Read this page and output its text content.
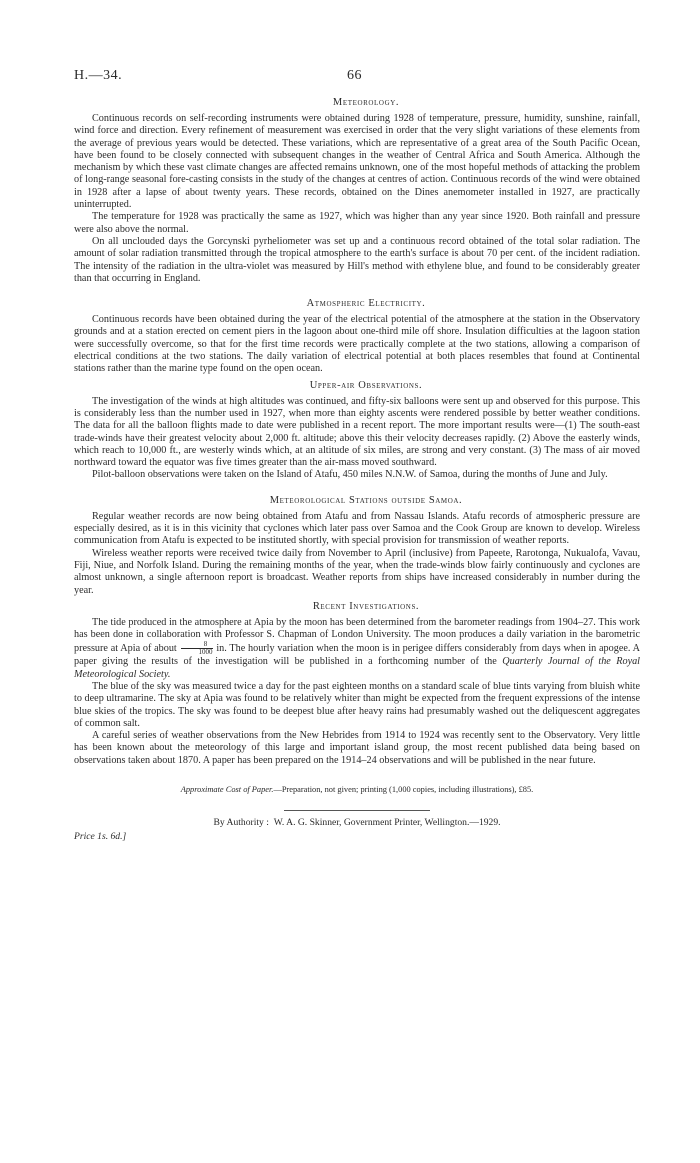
H.—34.	66

Meteorology.

Continuous records on self-recording instruments were obtained during 1928 of temperature, pressure, humidity, sunshine, rainfall, wind force and direction. Every refinement of measurement was exercised in order that the very slight variations of these elements from the average of previous years would be detected. These variations, which are representative of a great area of the South Pacific Ocean, have been found to be closely connected with subsequent changes in the weather of Central Africa and South America. Although the mechanism by which these vast climate changes are affected remains unknown, one of the most hopeful methods of attacking the problem of long-range seasonal fore-casting consists in the study of the changes at centres of action. Continuous records of the wind were obtained in 1928 after a lapse of about twenty years. These records, obtained on the Dines anemometer installed in 1927, are practically uninterrupted.

The temperature for 1928 was practically the same as 1927, which was higher than any year since 1920. Both rainfall and pressure were also above the normal.

On all unclouded days the Gorcynski pyrheliometer was set up and a continuous record obtained of the total solar radiation. The amount of solar radiation transmitted through the tropical atmosphere to the earth's surface is about 70 per cent. of the incident radiation. The intensity of the radiation in the ultra-violet was measured by Hill's method with ethylene blue, and found to be considerably greater than that occurring in England.

Atmospheric Electricity.

Continuous records have been obtained during the year of the electrical potential of the atmosphere at the station in the Observatory grounds and at a station erected on cement piers in the lagoon about one-third mile off shore. Insulation difficulties at the lagoon station were successfully overcome, so that for the first time records were practically complete at the two stations, allowing a comparison of electrical conditions at the two stations. The daily variation of electrical potential at both places resembles that found at Continental stations rather than the marine type found on the open ocean.

Upper-air Observations.

The investigation of the winds at high altitudes was continued, and fifty-six balloons were sent up and observed for this purpose. This is considerably less than the number used in 1927, when more than eighty ascents were rendered possible by better weather conditions. The data for all the balloon flights made to date were published in a recent report. The more important results were—(1) The south-east trade-winds have their greatest velocity about 2,000 ft. altitude; above this their velocity decreases rapidly. (2) Above the easterly winds, which reach to 10,000 ft., are westerly winds which, at an altitude of six miles, are strong and very constant. (3) The mass of air moved northward toward the equator was five times greater than the air-mass moved southward.

Pilot-balloon observations were taken on the Island of Atafu, 450 miles N.N.W. of Samoa, during the months of June and July.

Meteorological Stations outside Samoa.

Regular weather records are now being obtained from Atafu and from Nassau Islands. Atafu records of atmospheric pressure are especially desired, as it is in this vicinity that cyclones which later pass over Samoa and the Cook Group are known to develop. Wireless communication from Atafu is expected to be instituted shortly, with special provision for transmission of weather reports.

Wireless weather reports were received twice daily from November to April (inclusive) from Papeete, Rarotonga, Nukualofa, Vavau, Fiji, Niue, and Norfolk Island. During the remaining months of the year, when the trade-winds blow fairly continuously and cyclones are almost unknown, a single afternoon report is broadcast. Weather reports from ships have increased considerably in number during the year.

Recent Investigations.

The tide produced in the atmosphere at Apia by the moon has been determined from the barometer readings from 1904–27. This work has been done in collaboration with Professor S. Chapman of London University. The moon produces a daily variation in the barometric pressure at Apia of about $\frac{8}{1000}$ in. The hourly variation when the moon is in perigee differs considerably from days when in apogee. A paper giving the results of the investigation will be published in a forthcoming number of the Quarterly Journal of the Royal Meteorological Society.

The blue of the sky was measured twice a day for the past eighteen months on a standard scale of blue tints varying from bluish white to deep ultramarine. The sky at Apia was found to be relatively whiter than might be expected from the frequent expressions of the intense blue skies of the tropics. The sky was found to be deepest blue after heavy rains had presumably washed out the deliquescent aggregates of common salt.

A careful series of weather observations from the New Hebrides from 1914 to 1924 was recently sent to the Observatory. Very little has been known about the meteorology of this large and important island group, the most recent published data being based on observations taken about 1870. A paper has been prepared on the 1914–24 observations and will be published in the near future.

Approximate Cost of Paper.—Preparation, not given; printing (1,000 copies, including illustrations), £85.

By Authority : W. A. G. Skinner, Government Printer, Wellington.—1929.

Price 1s. 6d.]
